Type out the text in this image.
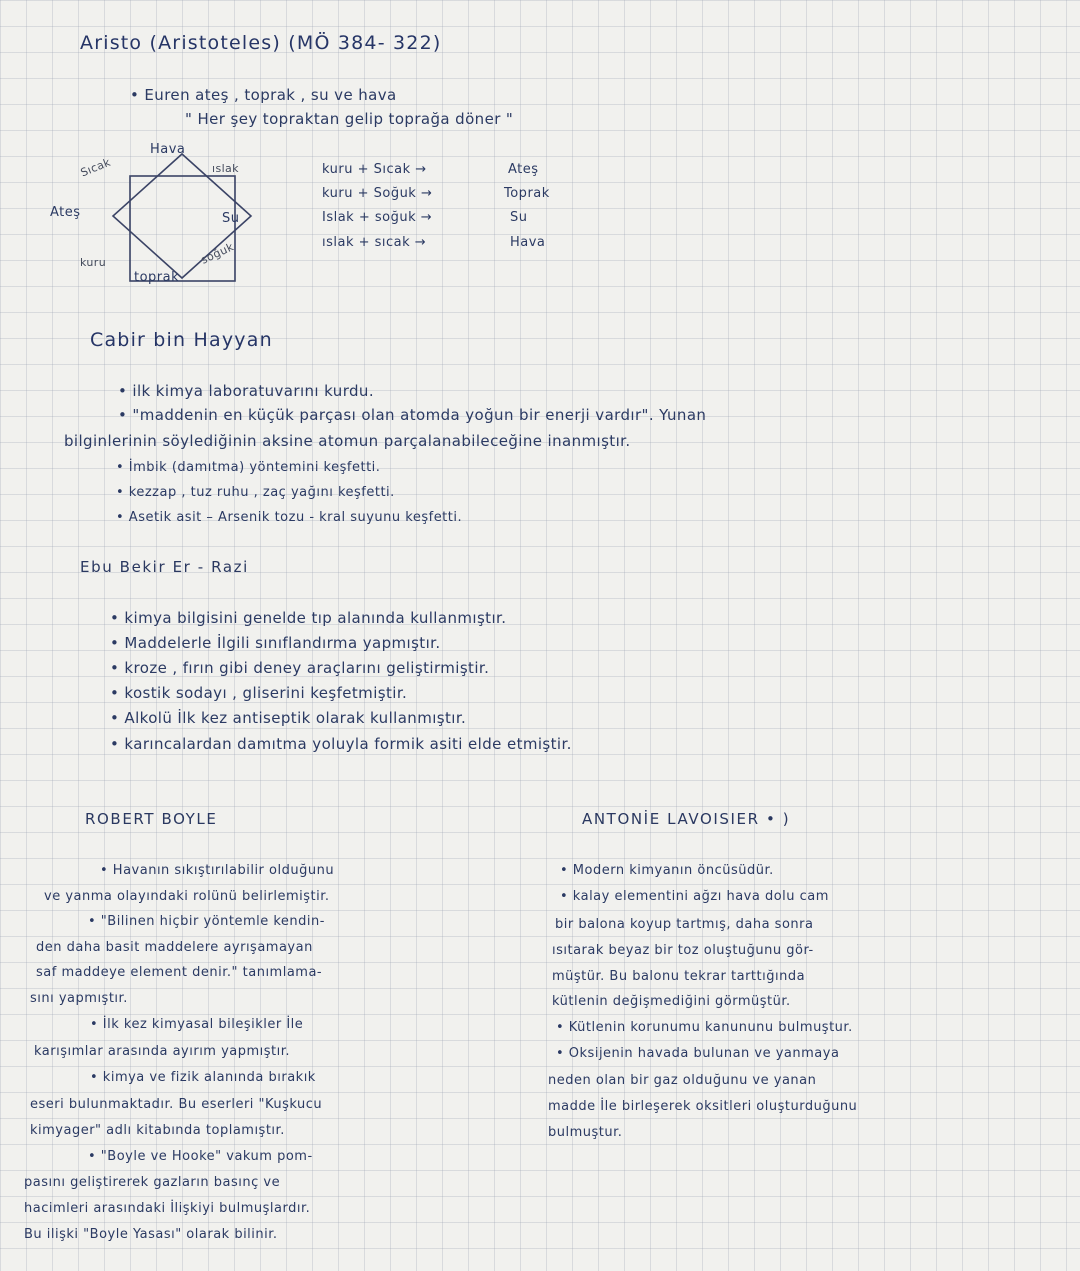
Aristo (Aristoteles) (MÖ 384- 322)
• Euren ateş , toprak , su ve hava
" Her şey topraktan gelip toprağa döner "
Hava
ıslak
Sıcak
Ateş	Su
soğuk
kuru
toprak
kuru + Sıcak →	Ateş
kuru + Soğuk →	Toprak
Islak + soğuk →	Su
ıslak + sıcak →	Hava
Cabir bin Hayyan
• ilk kimya laboratuvarını kurdu.
• "maddenin en küçük parçası olan atomda yoğun bir enerji vardır". Yunan
bilginlerinin söylediğinin aksine atomun parçalanabileceğine inanmıştır.
• İmbik (damıtma) yöntemini keşfetti.
• kezzap , tuz ruhu , zaç yağını keşfetti.
• Asetik asit – Arsenik tozu - kral suyunu keşfetti.
Ebu Bekir Er - Razi
• kimya bilgisini genelde tıp alanında kullanmıştır.
• Maddelerle İlgili sınıflandırma yapmıştır.
• kroze , fırın gibi deney araçlarını geliştirmiştir.
• kostik sodayı , gliserini keşfetmiştir.
• Alkolü İlk kez antiseptik olarak kullanmıştır.
• karıncalardan damıtma yoluyla formik asiti elde etmiştir.
ROBERT BOYLE
• Havanın sıkıştırılabilir olduğunu
ve yanma olayındaki rolünü belirlemiştir.
• "Bilinen hiçbir yöntemle kendin-
den daha basit maddelere ayrışamayan
saf maddeye element denir." tanımlama-
sını yapmıştır.
• İlk kez kimyasal bileşikler İle
karışımlar arasında ayırım yapmıştır.
• kimya ve fizik alanında bırakık
eseri bulunmaktadır. Bu eserleri "Kuşkucu
kimyager" adlı kitabında toplamıştır.
• "Boyle ve Hooke" vakum pom-
pasını geliştirerek gazların basınç ve
hacimleri arasındaki İlişkiyi bulmuşlardır.
Bu ilişki "Boyle Yasası" olarak bilinir.
ANTONİE LAVOISIER • )
• Modern kimyanın öncüsüdür.
• kalay elementini ağzı hava dolu cam
bir balona koyup tartmış, daha sonra
ısıtarak beyaz bir toz oluştuğunu gör-
müştür. Bu balonu tekrar tarttığında
kütlenin değişmediğini görmüştür.
• Kütlenin korunumu kanununu bulmuştur.
• Oksijenin havada bulunan ve yanmaya
neden olan bir gaz olduğunu ve yanan
madde İle birleşerek oksitleri oluşturduğunu
bulmuştur.
